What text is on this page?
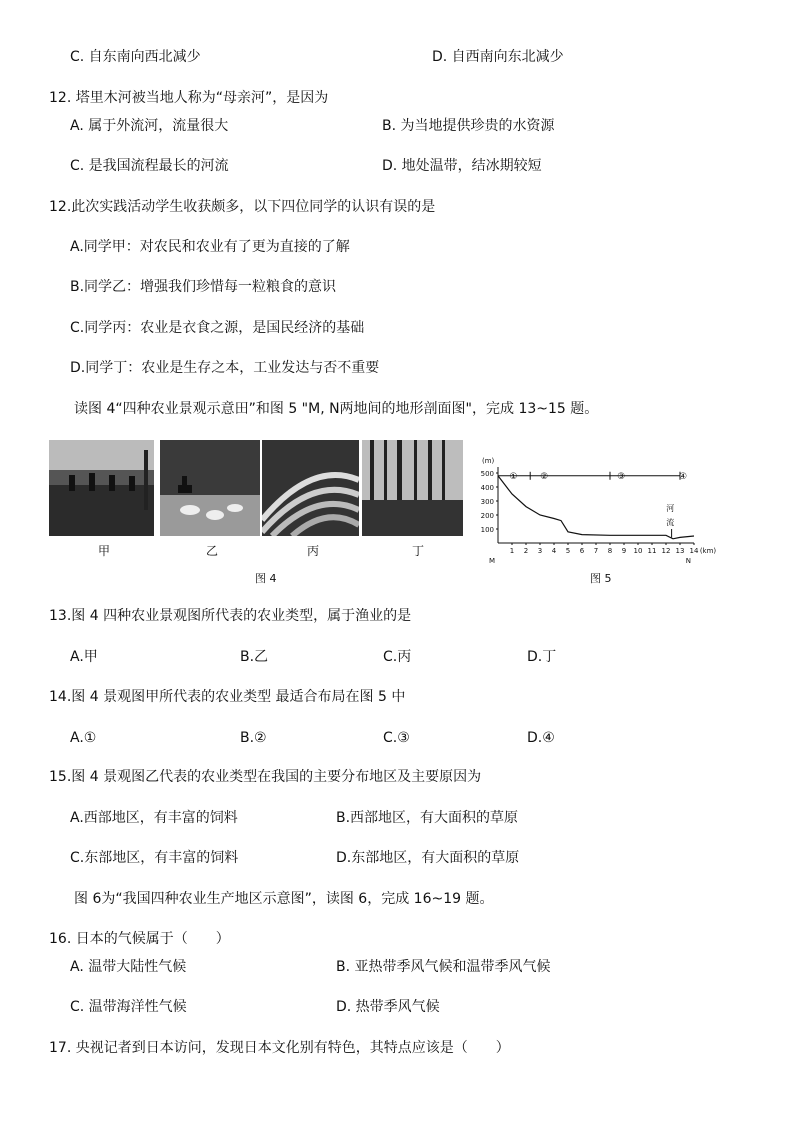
C. 自东南向西北减少	D. 自西南向东北减少
12. 塔里木河被当地人称为“母亲河”，是因为
A. 属于外流河，流量很大	B. 为当地提供珍贵的水资源
C. 是我国流程最长的河流	D. 地处温带，结冰期较短
12.此次实践活动学生收获颇多，以下四位同学的认识有误的是
A.同学甲：对农民和农业有了更为直接的了解
B.同学乙：增强我们珍惜每一粒粮食的意识
C.同学丙：农业是衣食之源，是国民经济的基础
D.同学丁：农业是生存之本，工业发达与否不重要
读图 4“四种农业景观示意田”和图 5 "M, N两地间的地形剖面图"，完成 13~15 题。
甲	乙	丙	丁
图 4
(m)
(km)
500
400
300
200
100
1 2 3 4 5 6 7 8 9 10 11 12 13 14
①	②	③	④
河
流
M	N
图 5
13.图 4 四种农业景观图所代表的农业类型，属于渔业的是
A.甲	B.乙	C.丙	D.丁
14.图 4 景观图甲所代表的农业类型 最适合布局在图 5 中
A.①	B.②	C.③	D.④
15.图 4 景观图乙代表的农业类型在我国的主要分布地区及主要原因为
A.西部地区，有丰富的饲料	B.西部地区，有大面积的草原
C.东部地区，有丰富的饲料	D.东部地区，有大面积的草原
图 6为“我国四种农业生产地区示意图”，读图 6，完成 16~19 题。
16. 日本的气候属于（　　）
A. 温带大陆性气候	B. 亚热带季风气候和温带季风气候
C. 温带海洋性气候	D. 热带季风气候
17. 央视记者到日本访问，发现日本文化别有特色，其特点应该是（　　）
